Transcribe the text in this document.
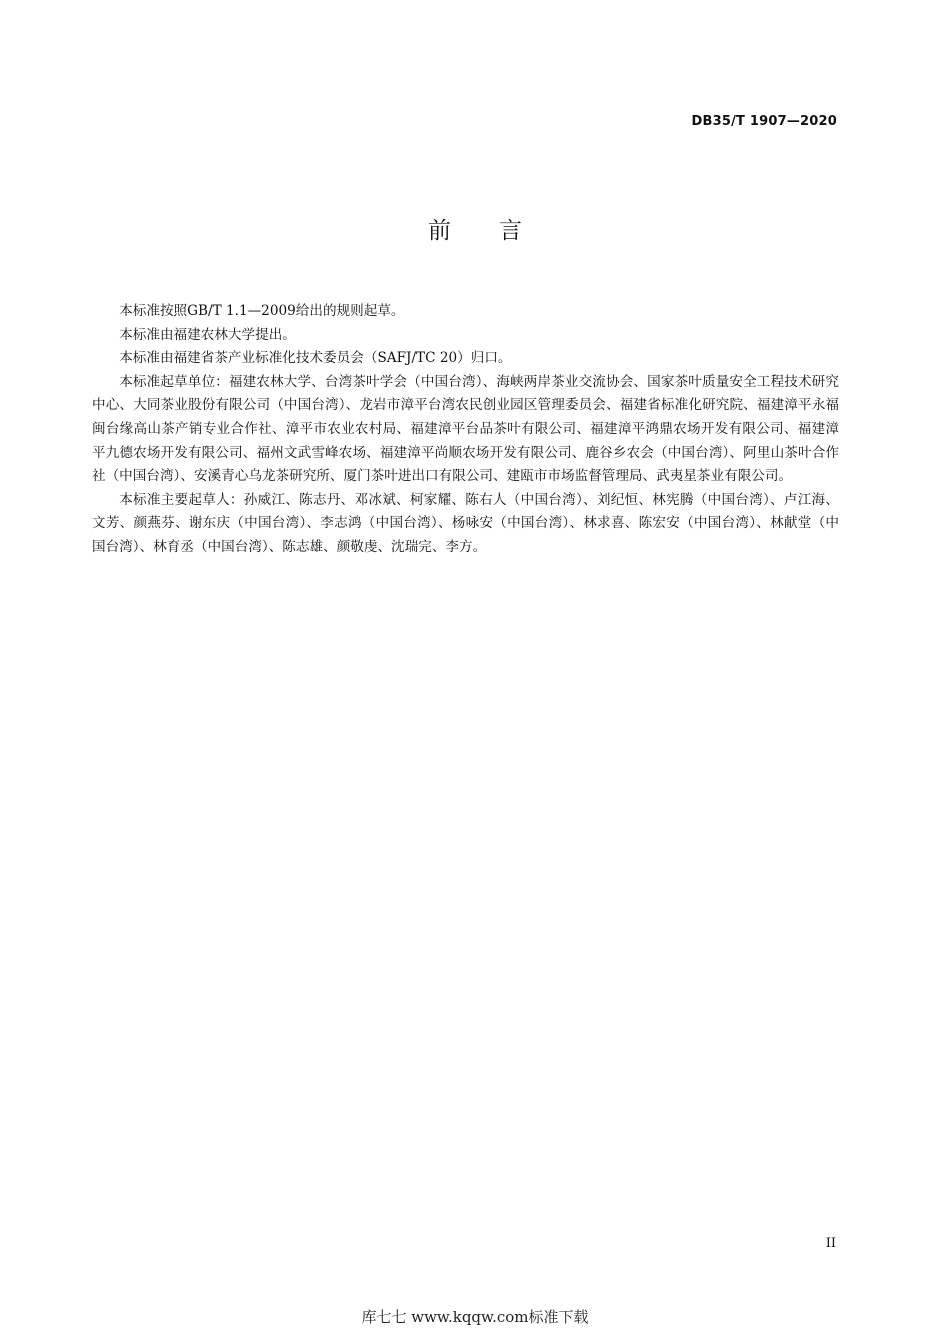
DB35/T 1907—2020
前言

本标准按照GB/T 1.1—2009给出的规则起草。

本标准由福建农林大学提出。

本标准由福建省茶产业标准化技术委员会（SAFJ/TC 20）归口。

本标准起草单位：福建农林大学、台湾茶叶学会（中国台湾）、海峡两岸茶业交流协会、国家茶叶质量安全工程技术研究中心、大同茶业股份有限公司（中国台湾）、龙岩市漳平台湾农民创业园区管理委员会、福建省标准化研究院、福建漳平永福闽台缘高山茶产销专业合作社、漳平市农业农村局、福建漳平台品茶叶有限公司、福建漳平鸿鼎农场开发有限公司、福建漳平九德农场开发有限公司、福州文武雪峰农场、福建漳平尚顺农场开发有限公司、鹿谷乡农会（中国台湾）、阿里山茶叶合作社（中国台湾）、安溪青心乌龙茶研究所、厦门茶叶进出口有限公司、建瓯市市场监督管理局、武夷星茶业有限公司。

本标准主要起草人：孙威江、陈志丹、邓冰斌、柯家耀、陈右人（中国台湾）、刘纪恒、林宪腾（中国台湾）、卢江海、文芳、颜燕芬、谢东庆（中国台湾）、李志鸿（中国台湾）、杨咏安（中国台湾）、林求喜、陈宏安（中国台湾）、林献堂（中国台湾）、林育丞（中国台湾）、陈志雄、颜敬虔、沈瑞完、李方。

II
库七七 www.kqqw.com标准下载
